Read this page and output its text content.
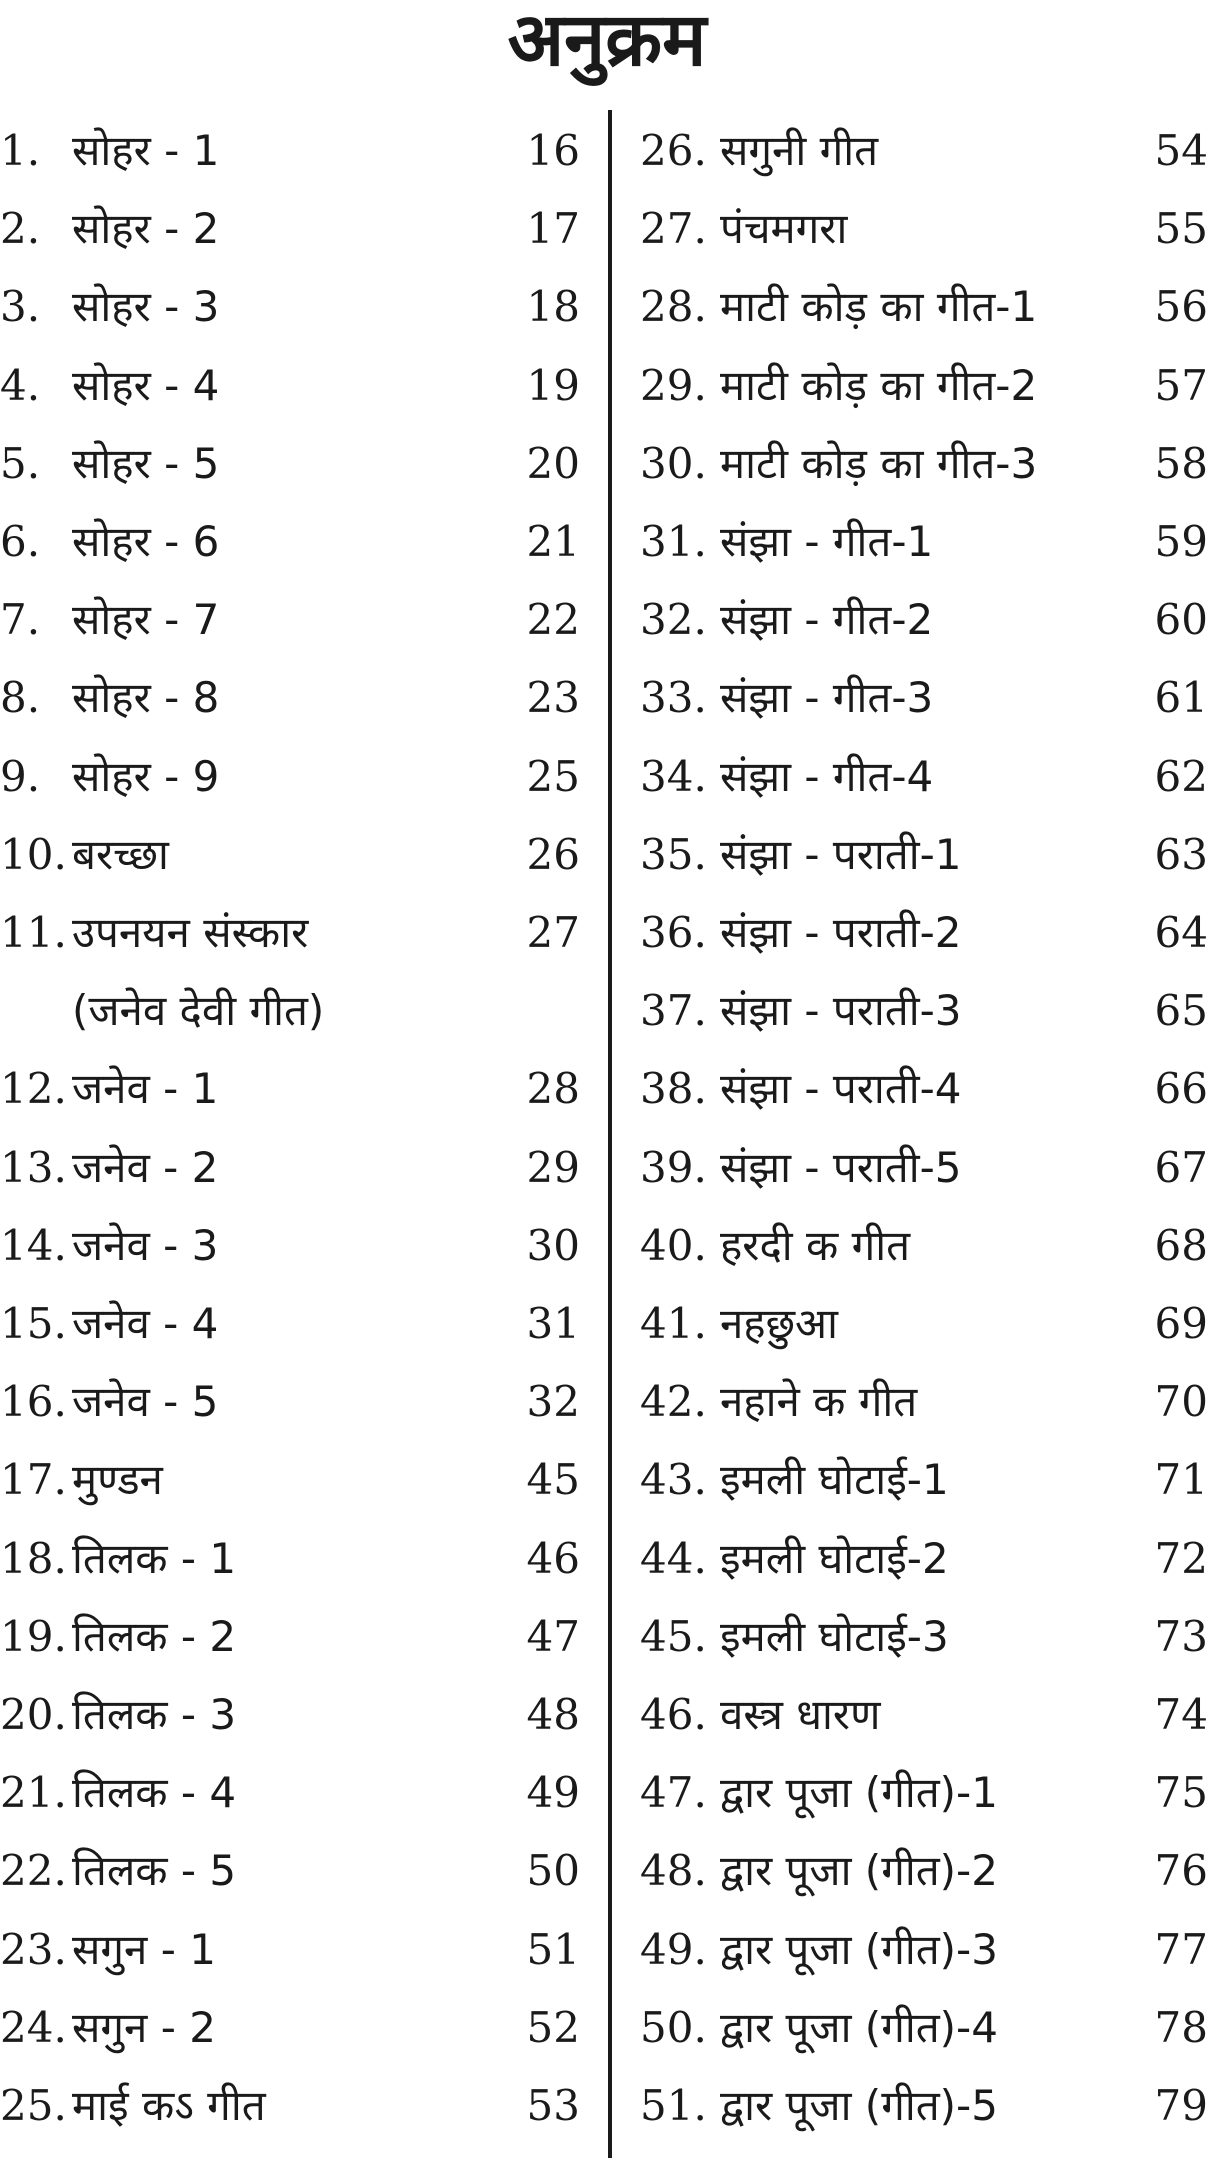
अनुक्रम
1. सोहर - 1	16
2. सोहर - 2	17
3. सोहर - 3	18
4. सोहर - 4	19
5. सोहर - 5	20
6. सोहर - 6	21
7. सोहर - 7	22
8. सोहर - 8	23
9. सोहर - 9	25
10. बरच्छा	26
11. उपनयन संस्कार	27
(जनेव देवी गीत)
12. जनेव - 1	28
13. जनेव - 2	29
14. जनेव - 3	30
15. जनेव - 4	31
16. जनेव - 5	32
17. मुण्डन	45
18. तिलक - 1	46
19. तिलक - 2	47
20. तिलक - 3	48
21. तिलक - 4	49
22. तिलक - 5	50
23. सगुन - 1	51
24. सगुन - 2	52
25. माई कऽ गीत	53
26. सगुनी गीत	54
27. पंचमगरा	55
28. माटी कोड़ का गीत-1	56
29. माटी कोड़ का गीत-2	57
30. माटी कोड़ का गीत-3	58
31. संझा - गीत-1	59
32. संझा - गीत-2	60
33. संझा - गीत-3	61
34. संझा - गीत-4	62
35. संझा - पराती-1	63
36. संझा - पराती-2	64
37. संझा - पराती-3	65
38. संझा - पराती-4	66
39. संझा - पराती-5	67
40. हरदी क गीत	68
41. नहछुआ	69
42. नहाने क गीत	70
43. इमली घोटाई-1	71
44. इमली घोटाई-2	72
45. इमली घोटाई-3	73
46. वस्त्र धारण	74
47. द्वार पूजा (गीत)-1	75
48. द्वार पूजा (गीत)-2	76
49. द्वार पूजा (गीत)-3	77
50. द्वार पूजा (गीत)-4	78
51. द्वार पूजा (गीत)-5	79
